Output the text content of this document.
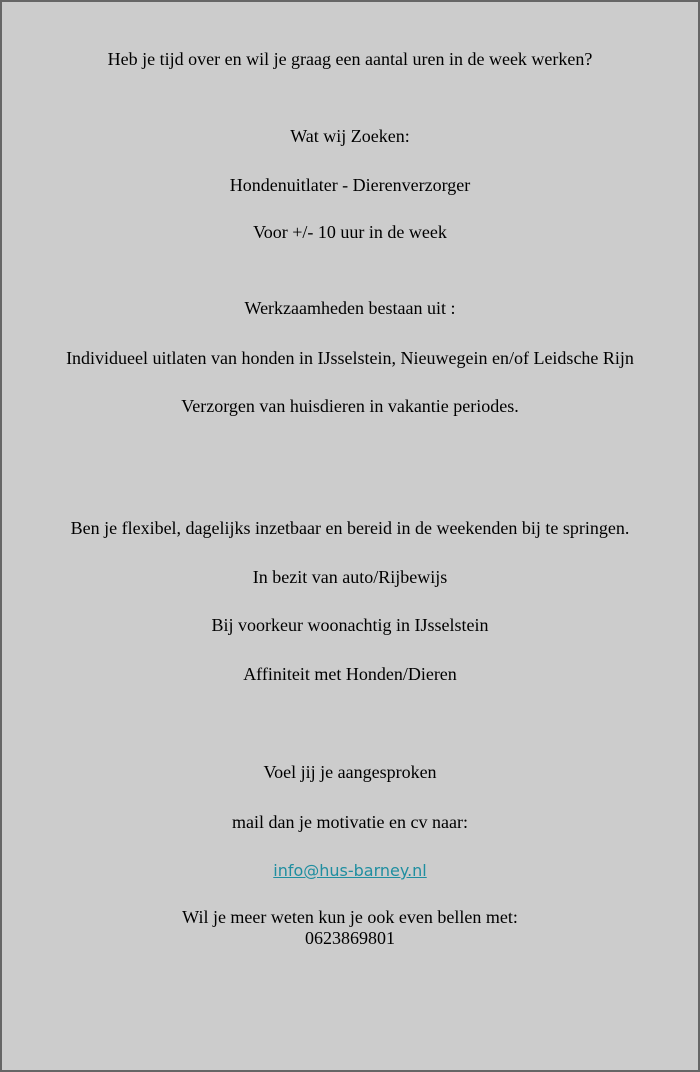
Heb je tijd over en wil je graag een aantal uren in de week werken?
Wat wij Zoeken:
Hondenuitlater - Dierenverzorger
Voor +/- 10 uur in de week
Werkzaamheden bestaan uit :
Individueel uitlaten van honden in IJsselstein, Nieuwegein en/of Leidsche Rijn
Verzorgen van huisdieren in vakantie periodes.
Ben je flexibel, dagelijks inzetbaar en bereid in de weekenden bij te springen.
In bezit van auto/Rijbewijs
Bij voorkeur woonachtig in IJsselstein
Affiniteit met Honden/Dieren
Voel jij je aangesproken
mail dan je motivatie en cv naar:
info@hus-barney.nl
Wil je meer weten kun je ook even bellen met:
0623869801
